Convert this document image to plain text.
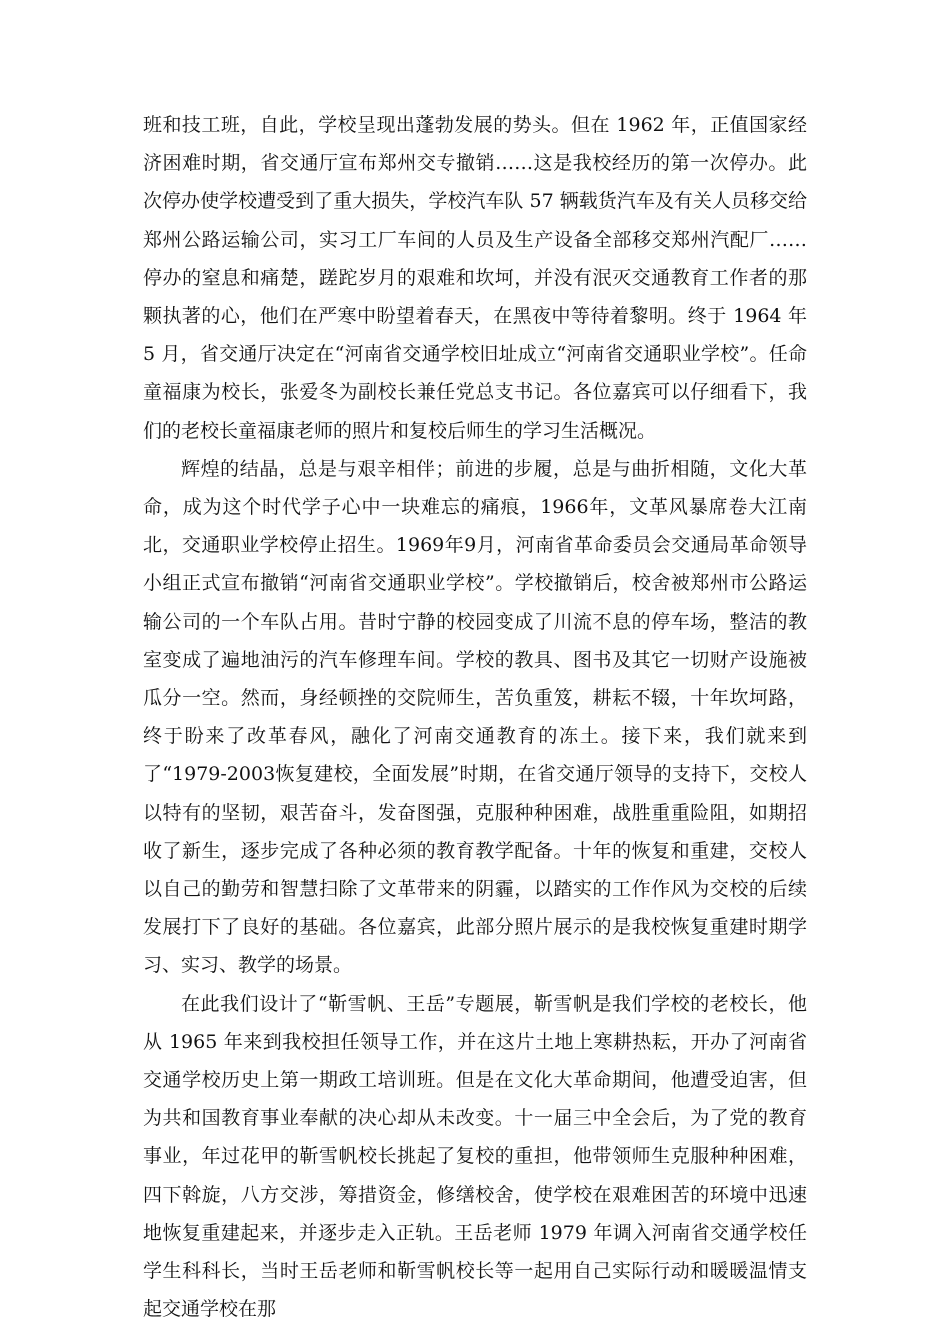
班和技工班，自此，学校呈现出蓬勃发展的势头。但在 1962 年，正值国家经济困难时期，省交通厅宣布郑州交专撤销……这是我校经历的第一次停办。此次停办使学校遭受到了重大损失，学校汽车队 57 辆载货汽车及有关人员移交给郑州公路运输公司，实习工厂车间的人员及生产设备全部移交郑州汽配厂……停办的窒息和痛楚，蹉跎岁月的艰难和坎坷，并没有泯灭交通教育工作者的那颗执著的心，他们在严寒中盼望着春天，在黑夜中等待着黎明。终于 1964 年 5 月，省交通厅决定在“河南省交通学校旧址成立“河南省交通职业学校”。任命童福康为校长，张爱冬为副校长兼任党总支书记。各位嘉宾可以仔细看下，我们的老校长童福康老师的照片和复校后师生的学习生活概况。

辉煌的结晶，总是与艰辛相伴；前进的步履，总是与曲折相随，文化大革命，成为这个时代学子心中一块难忘的痛痕，1966年，文革风暴席卷大江南北，交通职业学校停止招生。1969年9月，河南省革命委员会交通局革命领导小组正式宣布撤销“河南省交通职业学校”。学校撤销后，校舍被郑州市公路运输公司的一个车队占用。昔时宁静的校园变成了川流不息的停车场，整洁的教室变成了遍地油污的汽车修理车间。学校的教具、图书及其它一切财产设施被瓜分一空。然而，身经顿挫的交院师生，苦负重笈，耕耘不辍，十年坎坷路，终于盼来了改革春风，融化了河南交通教育的冻土。接下来，我们就来到了“1979-2003恢复建校，全面发展”时期，在省交通厅领导的支持下，交校人以特有的坚韧，艰苦奋斗，发奋图强，克服种种困难，战胜重重险阻，如期招收了新生，逐步完成了各种必须的教育教学配备。十年的恢复和重建，交校人以自己的勤劳和智慧扫除了文革带来的阴霾，以踏实的工作作风为交校的后续发展打下了良好的基础。各位嘉宾，此部分照片展示的是我校恢复重建时期学习、实习、教学的场景。

在此我们设计了“靳雪帆、王岳”专题展，靳雪帆是我们学校的老校长，他从 1965 年来到我校担任领导工作，并在这片土地上寒耕热耘，开办了河南省交通学校历史上第一期政工培训班。但是在文化大革命期间，他遭受迫害，但为共和国教育事业奉献的决心却从未改变。十一届三中全会后，为了党的教育事业，年过花甲的靳雪帆校长挑起了复校的重担，他带领师生克服种种困难，四下斡旋，八方交涉，筹措资金，修缮校舍，使学校在艰难困苦的环境中迅速地恢复重建起来，并逐步走入正轨。王岳老师 1979 年调入河南省交通学校任学生科科长，当时王岳老师和靳雪帆校长等一起用自己实际行动和暖暖温情支起交通学校在那
